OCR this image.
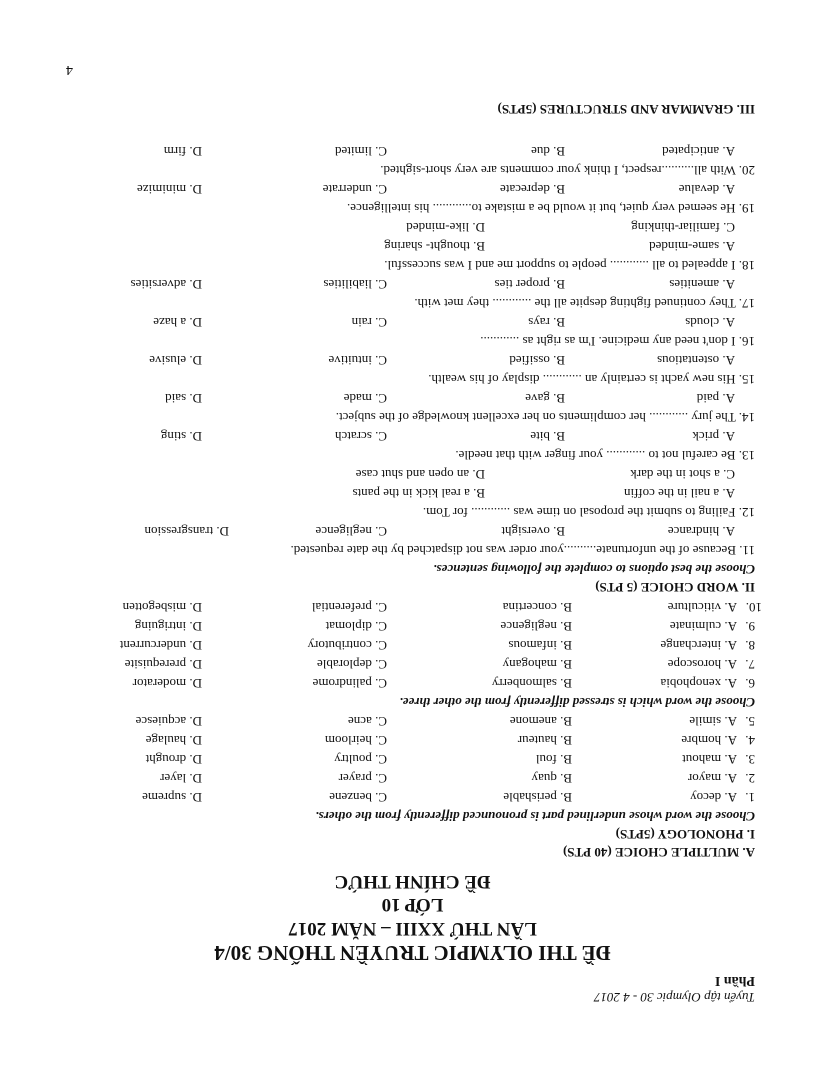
Tuyển tập Olympic 30 - 4 2017
Phần I
ĐỀ THI OLYMPIC TRUYỀN THỐNG 30/4
LẦN THỨ XXIII – NĂM 2017
LỚP 10
ĐỀ CHÍNH THỨC
A. MULTIPLE CHOICE (40 PTS)
I. PHONOLOGY (5PTS)
Choose the word whose underlined part is pronounced differently from the others.
1.
A. decoy
B. perishable
C. benzene
D. supreme
2.
A. mayor
B. quay
C. prayer
D. layer
3.
A. mahout
B. foul
C. poultry
D. drought
4.
A. hombre
B. hauteur
C. heirloom
D. haulage
5.
A. simile
B. anemone
C. acne
D. acquiesce
Choose the word which is stressed differently from the other three.
6.
A. xenophobia
B. salmonberry
C. palindrome
D. moderator
7.
A. horoscope
B. mahogany
C. deplorable
D. prerequisite
8.
A. interchange
B. infamous
C. contributory
D. undercurrent
9.
A. culminate
B. negligence
C. diplomat
D. intriguing
10.
A. viticulture
B. concertina
C. preferential
D. misbegotten
II. WORD CHOICE (5 PTS)
Choose the best options to complete the following sentences.
11. Because of the unfortunate..........your order was not dispatched by the date requested.
A. hindrance
B. oversight
C. negligence
D. transgression
12. Failing to submit the proposal on time was ............ for Tom.
A. a nail in the coffin
B. a real kick in the pants
C. a shot in the dark
D. an open and shut case
13. Be careful not to ............ your finger with that needle.
A. prick
B. bite
C. scratch
D. sting
14. The jury ............ her compliments on her excellent knowledge of the subject.
A. paid
B. gave
C. made
D. said
15. His new yacht is certainly an ............ display of his wealth.
A. ostentatious
B. ossified
C. intuitive
D. elusive
16. I don't need any medicine. I'm as right as ............
A. clouds
B. rays
C. rain
D. a haze
17. They continued fighting despite all the ............ they met with.
A. amenities
B. proper ties
C. liabilities
D. adversities
18. I appealed to all ............ people to support me and I was successful.
A. same-minded
B. thought- sharing
C. familiar-thinking
D. like-minded
19. He seemed very quiet, but it would be a mistake to............ his intelligence.
A. devalue
B. deprecate
C. underrate
D. minimize
20. With all..........respect, I think your comments are very short-sighted.
A. anticipated
B. due
C. limited
D. firm
III. GRAMMAR AND STRUCTURES (5PTS)
4
